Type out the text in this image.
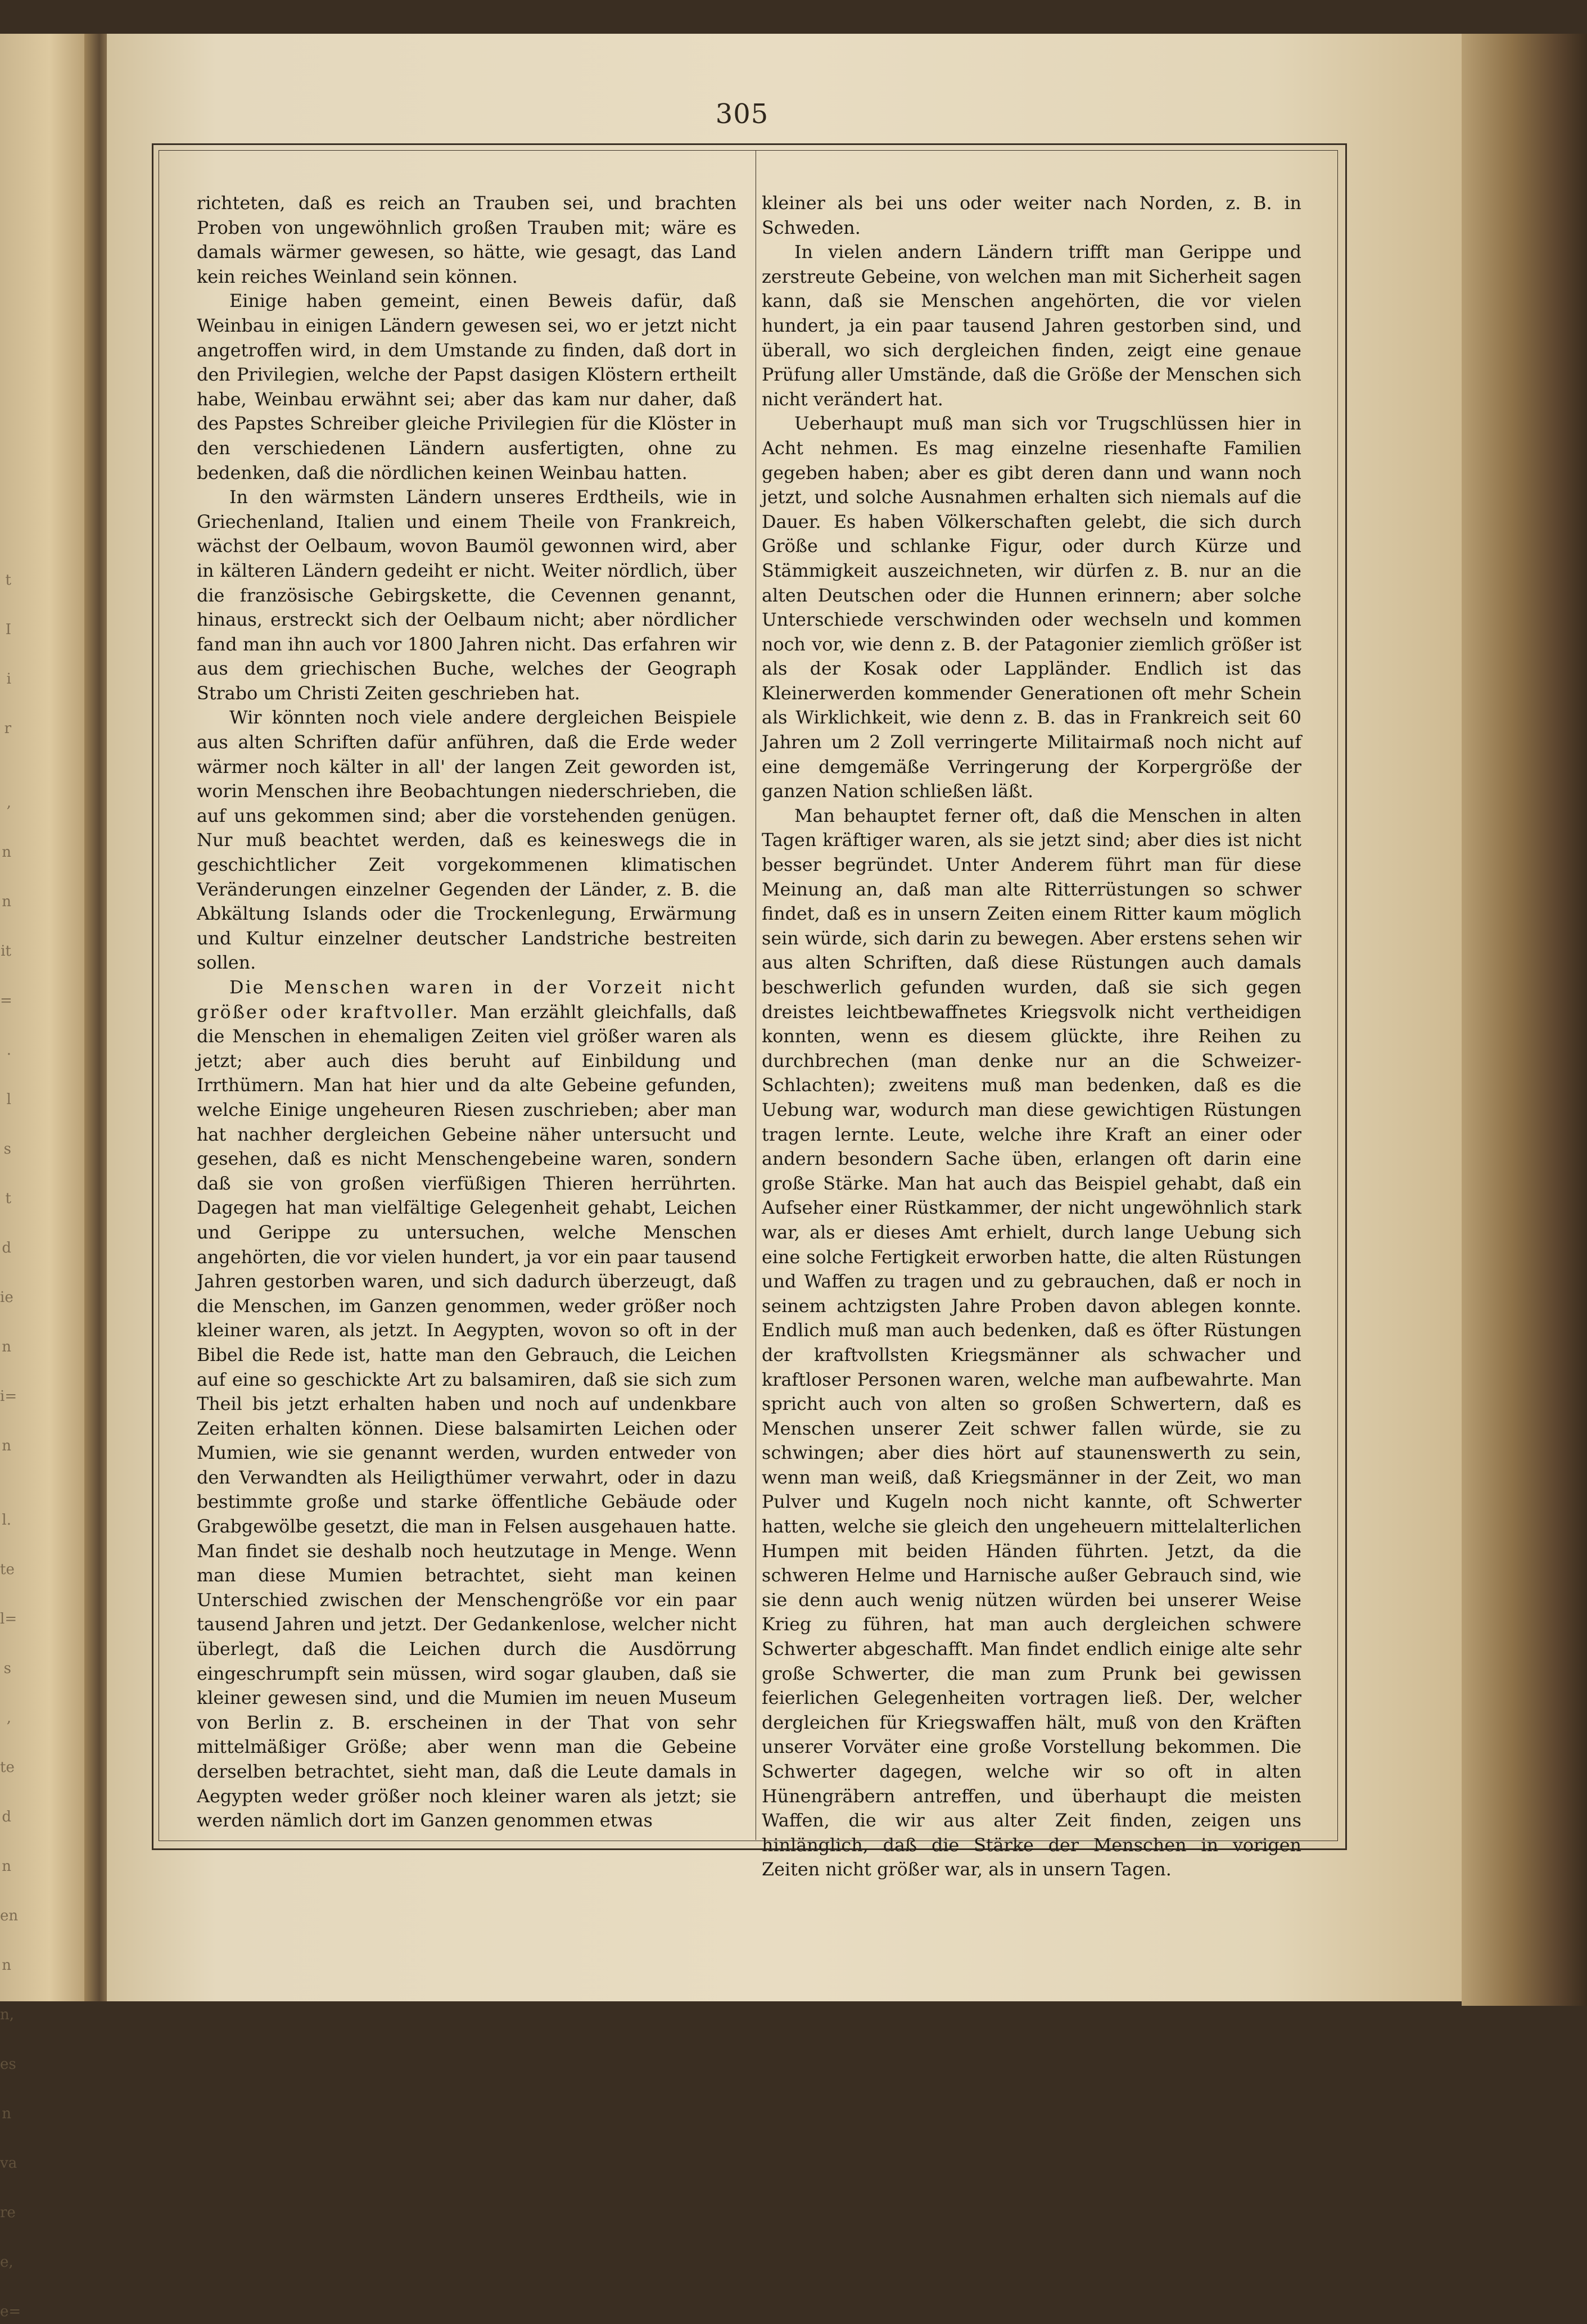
t

I

i

r

,

n

n

it

=

.

l

s

t

d

ie

n

i=

n

l.

te

l=

s

,

te

d

n

en

n

n,

es

n

va

re

e,

e=
305

richteten, daß es reich an Trauben sei, und brachten Proben von ungewöhnlich großen Trauben mit; wäre es damals wärmer gewesen, so hätte, wie gesagt, das Land kein reiches Weinland sein können.

Einige haben gemeint, einen Beweis dafür, daß Weinbau in einigen Ländern gewesen sei, wo er jetzt nicht angetroffen wird, in dem Umstande zu finden, daß dort in den Privilegien, welche der Papst dasigen Klöstern ertheilt habe, Weinbau erwähnt sei; aber das kam nur daher, daß des Papstes Schreiber gleiche Privilegien für die Klöster in den verschiedenen Ländern ausfertigten, ohne zu bedenken, daß die nördlichen keinen Weinbau hatten.

In den wärmsten Ländern unseres Erdtheils, wie in Griechenland, Italien und einem Theile von Frankreich, wächst der Oelbaum, wovon Baumöl gewonnen wird, aber in kälteren Ländern gedeiht er nicht. Weiter nördlich, über die französische Gebirgskette, die Cevennen genannt, hinaus, erstreckt sich der Oelbaum nicht; aber nördlicher fand man ihn auch vor 1800 Jahren nicht. Das erfahren wir aus dem griechischen Buche, welches der Geograph Strabo um Christi Zeiten geschrieben hat.

Wir könnten noch viele andere dergleichen Beispiele aus alten Schriften dafür anführen, daß die Erde weder wärmer noch kälter in all' der langen Zeit geworden ist, worin Menschen ihre Beobachtungen niederschrieben, die auf uns gekommen sind; aber die vorstehenden genügen. Nur muß beachtet werden, daß es keineswegs die in geschichtlicher Zeit vorgekommenen klimatischen Veränderungen einzelner Gegenden der Länder, z. B. die Abkältung Islands oder die Trockenlegung, Erwärmung und Kultur einzelner deutscher Landstriche bestreiten sollen.

Die Menschen waren in der Vorzeit nicht größer oder kraftvoller. Man erzählt gleichfalls, daß die Menschen in ehemaligen Zeiten viel größer waren als jetzt; aber auch dies beruht auf Einbildung und Irrthümern. Man hat hier und da alte Gebeine gefunden, welche Einige ungeheuren Riesen zuschrieben; aber man hat nachher dergleichen Gebeine näher untersucht und gesehen, daß es nicht Menschengebeine waren, sondern daß sie von großen vierfüßigen Thieren herrührten. Dagegen hat man vielfältige Gelegenheit gehabt, Leichen und Gerippe zu untersuchen, welche Menschen angehörten, die vor vielen hundert, ja vor ein paar tausend Jahren gestorben waren, und sich dadurch überzeugt, daß die Menschen, im Ganzen genommen, weder größer noch kleiner waren, als jetzt. In Aegypten, wovon so oft in der Bibel die Rede ist, hatte man den Gebrauch, die Leichen auf eine so geschickte Art zu balsamiren, daß sie sich zum Theil bis jetzt erhalten haben und noch auf undenkbare Zeiten erhalten können. Diese balsamirten Leichen oder Mumien, wie sie genannt werden, wurden entweder von den Verwandten als Heiligthümer verwahrt, oder in dazu bestimmte große und starke öffentliche Gebäude oder Grabgewölbe gesetzt, die man in Felsen ausgehauen hatte. Man findet sie deshalb noch heutzutage in Menge. Wenn man diese Mumien betrachtet, sieht man keinen Unterschied zwischen der Menschengröße vor ein paar tausend Jahren und jetzt. Der Gedankenlose, welcher nicht überlegt, daß die Leichen durch die Ausdörrung eingeschrumpft sein müssen, wird sogar glauben, daß sie kleiner gewesen sind, und die Mumien im neuen Museum von Berlin z. B. erscheinen in der That von sehr mittelmäßiger Größe; aber wenn man die Gebeine derselben betrachtet, sieht man, daß die Leute damals in Aegypten weder größer noch kleiner waren als jetzt; sie werden nämlich dort im Ganzen genommen etwas

kleiner als bei uns oder weiter nach Norden, z. B. in Schweden.

In vielen andern Ländern trifft man Gerippe und zerstreute Gebeine, von welchen man mit Sicherheit sagen kann, daß sie Menschen angehörten, die vor vielen hundert, ja ein paar tausend Jahren gestorben sind, und überall, wo sich dergleichen finden, zeigt eine genaue Prüfung aller Umstände, daß die Größe der Menschen sich nicht verändert hat.

Ueberhaupt muß man sich vor Trugschlüssen hier in Acht nehmen. Es mag einzelne riesenhafte Familien gegeben haben; aber es gibt deren dann und wann noch jetzt, und solche Ausnahmen erhalten sich niemals auf die Dauer. Es haben Völkerschaften gelebt, die sich durch Größe und schlanke Figur, oder durch Kürze und Stämmigkeit auszeichneten, wir dürfen z. B. nur an die alten Deutschen oder die Hunnen erinnern; aber solche Unterschiede verschwinden oder wechseln und kommen noch vor, wie denn z. B. der Patagonier ziemlich größer ist als der Kosak oder Lappländer. Endlich ist das Kleinerwerden kommender Generationen oft mehr Schein als Wirklichkeit, wie denn z. B. das in Frankreich seit 60 Jahren um 2 Zoll verringerte Militairmaß noch nicht auf eine demgemäße Verringerung der Korpergröße der ganzen Nation schließen läßt.

Man behauptet ferner oft, daß die Menschen in alten Tagen kräftiger waren, als sie jetzt sind; aber dies ist nicht besser begründet. Unter Anderem führt man für diese Meinung an, daß man alte Ritterrüstungen so schwer findet, daß es in unsern Zeiten einem Ritter kaum möglich sein würde, sich darin zu bewegen. Aber erstens sehen wir aus alten Schriften, daß diese Rüstungen auch damals beschwerlich gefunden wurden, daß sie sich gegen dreistes leichtbewaffnetes Kriegsvolk nicht vertheidigen konnten, wenn es diesem glückte, ihre Reihen zu durchbrechen (man denke nur an die Schweizer-Schlachten); zweitens muß man bedenken, daß es die Uebung war, wodurch man diese gewichtigen Rüstungen tragen lernte. Leute, welche ihre Kraft an einer oder andern besondern Sache üben, erlangen oft darin eine große Stärke. Man hat auch das Beispiel gehabt, daß ein Aufseher einer Rüstkammer, der nicht ungewöhnlich stark war, als er dieses Amt erhielt, durch lange Uebung sich eine solche Fertigkeit erworben hatte, die alten Rüstungen und Waffen zu tragen und zu gebrauchen, daß er noch in seinem achtzigsten Jahre Proben davon ablegen konnte. Endlich muß man auch bedenken, daß es öfter Rüstungen der kraftvollsten Kriegsmänner als schwacher und kraftloser Personen waren, welche man aufbewahrte. Man spricht auch von alten so großen Schwertern, daß es Menschen unserer Zeit schwer fallen würde, sie zu schwingen; aber dies hört auf staunenswerth zu sein, wenn man weiß, daß Kriegsmänner in der Zeit, wo man Pulver und Kugeln noch nicht kannte, oft Schwerter hatten, welche sie gleich den ungeheuern mittelalterlichen Humpen mit beiden Händen führten. Jetzt, da die schweren Helme und Harnische außer Gebrauch sind, wie sie denn auch wenig nützen würden bei unserer Weise Krieg zu führen, hat man auch dergleichen schwere Schwerter abgeschafft. Man findet endlich einige alte sehr große Schwerter, die man zum Prunk bei gewissen feierlichen Gelegenheiten vortragen ließ. Der, welcher dergleichen für Kriegswaffen hält, muß von den Kräften unserer Vorväter eine große Vorstellung bekommen. Die Schwerter dagegen, welche wir so oft in alten Hünengräbern antreffen, und überhaupt die meisten Waffen, die wir aus alter Zeit finden, zeigen uns hinlänglich, daß die Stärke der Menschen in vorigen Zeiten nicht größer war, als in unsern Tagen.
